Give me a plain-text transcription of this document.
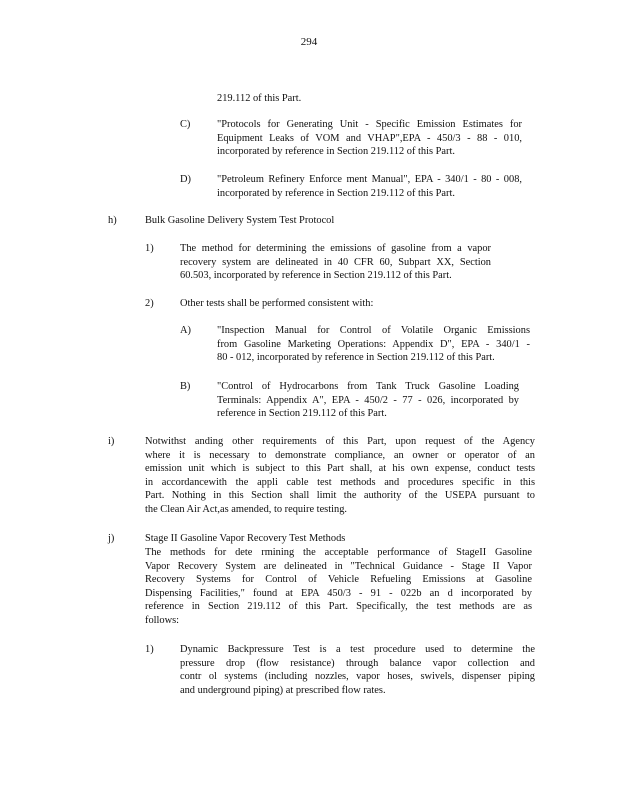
294
219.112 of this Part.
C)	"Protocols for Generating Unit - Specific Emission Estimates for
Equipment Leaks of VOM and VHAP",EPA - 450/3 - 88 - 010,
incorporated by reference in Section 219.112 of this Part.
D)	"Petroleum Refinery Enforce ment Manual", EPA - 340/1 - 80 - 008,
incorporated by reference in Section 219.112 of this Part.
h)	Bulk Gasoline Delivery System Test Protocol
1)	The method for determining the emissions of gasoline from a vapor
recovery system are delineated in 40 CFR 60, Subpart XX, Section
60.503, incorporated by reference in Section 219.112 of this Part.
2)	Other tests shall be performed consistent with:
A)	"Inspection Manual for Control of Volatile Organic Emissions
from Gasoline Marketing Operations: Appendix D", EPA - 340/1 -
80 - 012, incorporated by reference in Section 219.112 of this Part.
B)	"Control of Hydrocarbons from Tank Truck Gasoline Loading
Terminals: Appendix A", EPA - 450/2 - 77 - 026, incorporated by
reference in Section 219.112 of this Part.
i)	Notwithst anding other requirements of this Part, upon request of the Agency
where it is necessary to demonstrate compliance, an owner or operator of an
emission unit which is subject to this Part shall, at his own expense, conduct tests
in accordancewith the appli cable test methods and procedures specific in this
Part. Nothing in this Section shall limit the authority of the USEPA pursuant to
the Clean Air Act,as amended, to require testing.
j)	Stage II Gasoline Vapor Recovery Test Methods
The methods for dete rmining the acceptable performance of StageII Gasoline
Vapor Recovery System are delineated in "Technical Guidance - Stage II Vapor
Recovery Systems for Control of Vehicle Refueling Emissions at Gasoline
Dispensing Facilities," found at EPA 450/3 - 91 - 022b an d incorporated by
reference in Section 219.112 of this Part. Specifically, the test methods are as
follows:
1)	Dynamic Backpressure Test is a test procedure used to determine the
pressure drop (flow resistance) through balance vapor collection and
contr ol systems (including nozzles, vapor hoses, swivels, dispenser piping
and underground piping) at prescribed flow rates.
